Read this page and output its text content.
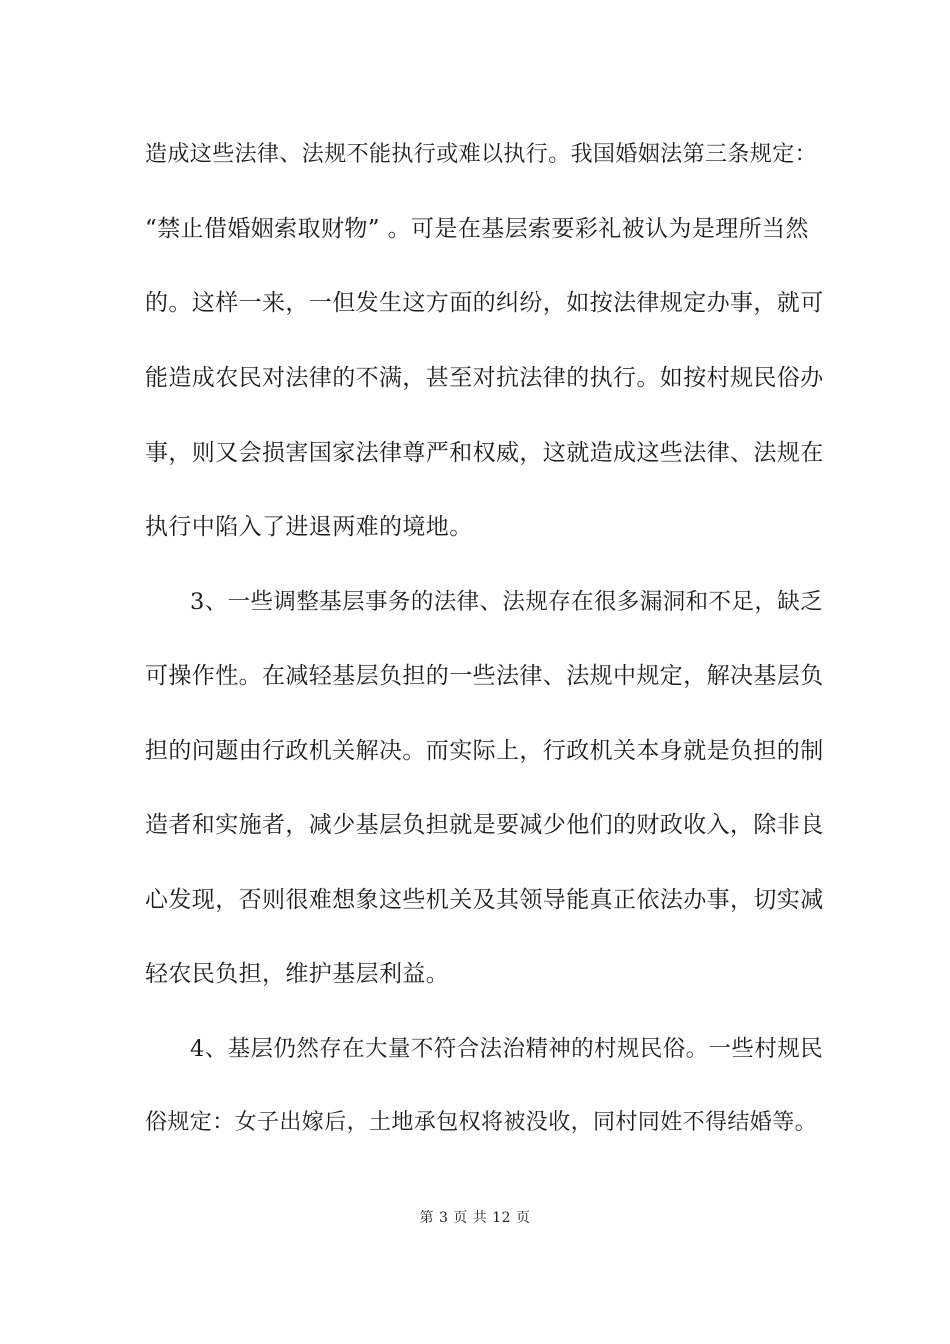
造成这些法律、法规不能执行或难以执行。我国婚姻法第三条规定：
“禁止借婚姻索取财物” 。可是在基层索要彩礼被认为是理所当然
的。这样一来，一但发生这方面的纠纷，如按法律规定办事，就可
能造成农民对法律的不满，甚至对抗法律的执行。如按村规民俗办
事，则又会损害国家法律尊严和权威，这就造成这些法律、法规在
执行中陷入了进退两难的境地。
3、一些调整基层事务的法律、法规存在很多漏洞和不足，缺乏
可操作性。在减轻基层负担的一些法律、法规中规定，解决基层负
担的问题由行政机关解决。而实际上，行政机关本身就是负担的制
造者和实施者，减少基层负担就是要减少他们的财政收入，除非良
心发现，否则很难想象这些机关及其领导能真正依法办事，切实减
轻农民负担，维护基层利益。
4、基层仍然存在大量不符合法治精神的村规民俗。一些村规民
俗规定：女子出嫁后，土地承包权将被没收，同村同姓不得结婚等。
第 3 页 共 12 页
